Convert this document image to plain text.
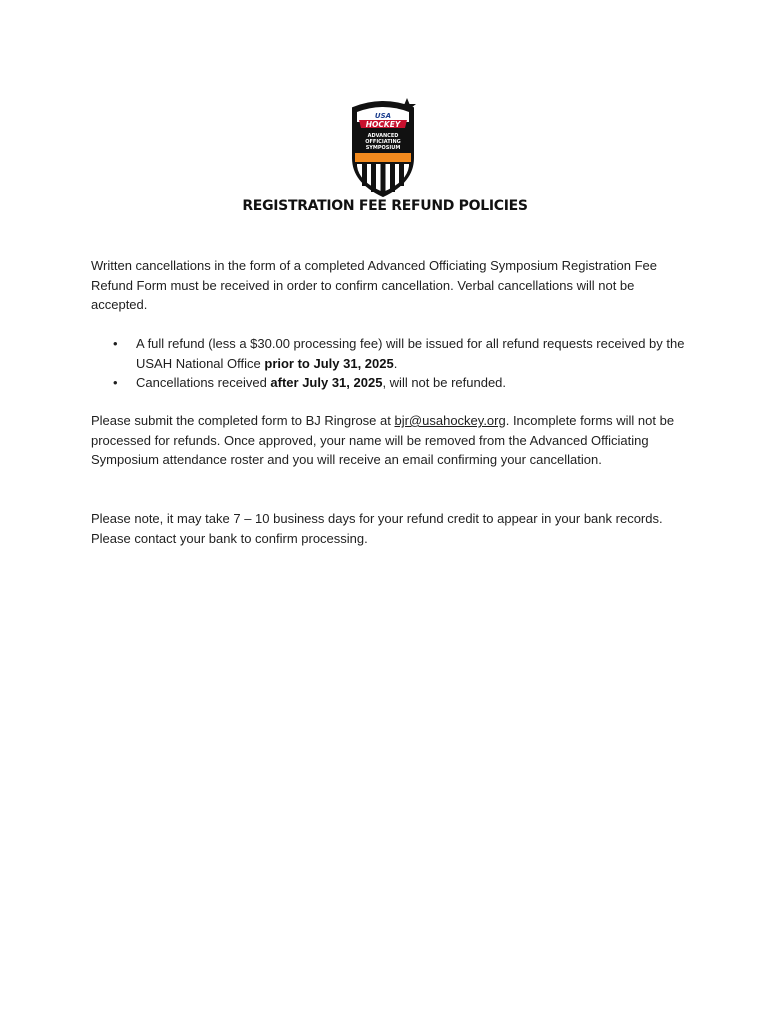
USA
HOCKEY
ADVANCED
OFFICIATING
SYMPOSIUM
REGISTRATION FEE REFUND POLICIES

Written cancellations in the form of a completed Advanced Officiating Symposium Registration Fee Refund Form must be received in order to confirm cancellation. Verbal cancellations will not be accepted.

• A full refund (less a $30.00 processing fee) will be issued for all refund requests received by the USAH National Office prior to July 31, 2025.
• Cancellations received after July 31, 2025, will not be refunded.

Please submit the completed form to BJ Ringrose at bjr@usahockey.org. Incomplete forms will not be processed for refunds. Once approved, your name will be removed from the Advanced Officiating Symposium attendance roster and you will receive an email confirming your cancellation.

Please note, it may take 7 – 10 business days for your refund credit to appear in your bank records. Please contact your bank to confirm processing.
